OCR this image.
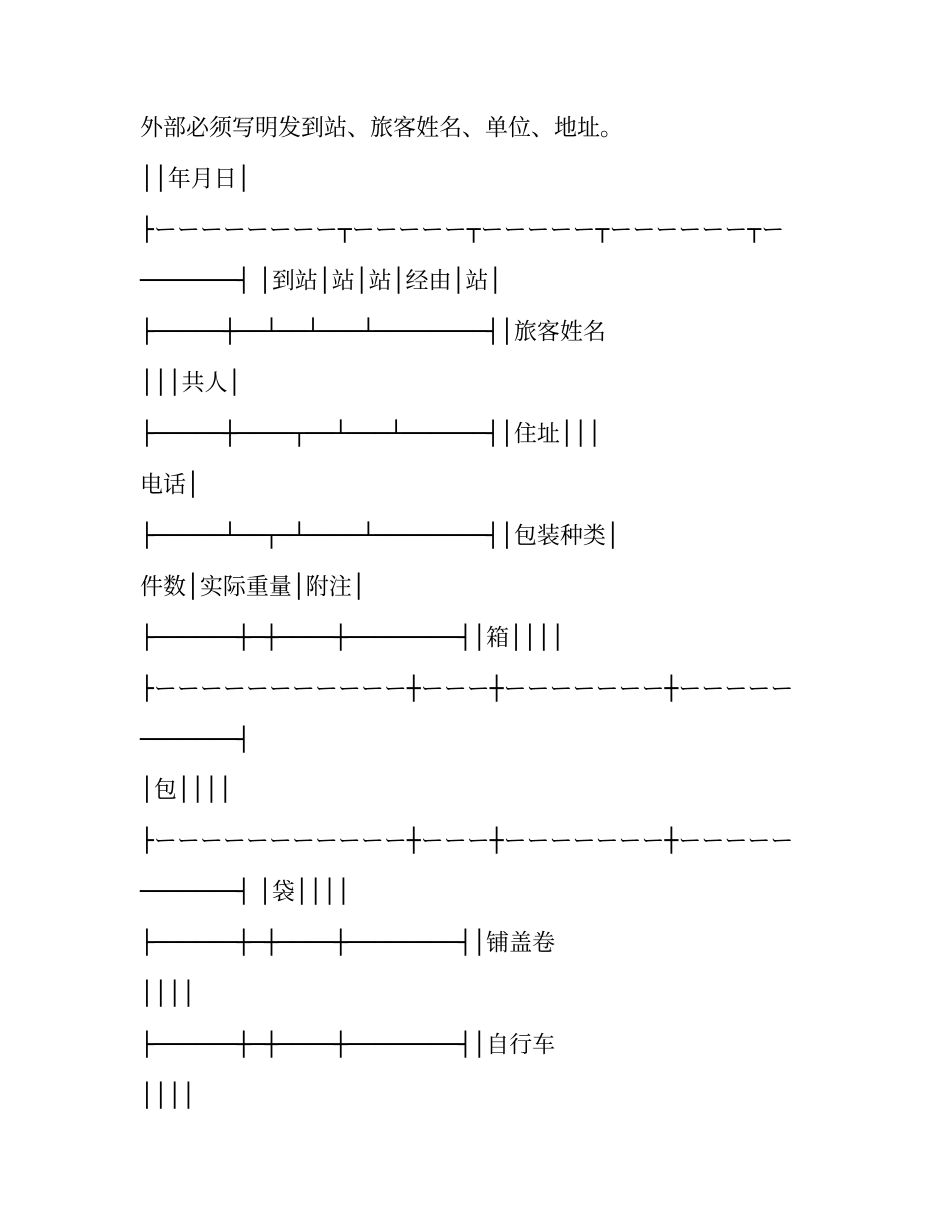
外部必须写明发到站、旅客姓名、单位、地址。

││年月日│

├ーーーーーーーー┬ーーーーー┬ーーーーー┬ーーーーーー┬ー

───────┤ │到站│站│站│经由│站│

├─────┼──┴──┴───┴────────┤│旅客姓名

│││共人│

├─────┼────┬──┴───┴──────┤│住址│││

电话│

├─────┴──┬─┴────┴────────┤│包装种类│

件数│实际重量│附注│

├──────┼─┼────┼────────┤│箱││││

├ーーーーーーーーーーー┼ーーー┼ーーーーーーー┼ーーーーー

───────┤

│包││││

├ーーーーーーーーーーー┼ーーー┼ーーーーーーー┼ーーーーー

───────┤ │袋││││

├──────┼─┼────┼────────┤│铺盖卷

││││

├──────┼─┼────┼────────┤│自行车

││││
